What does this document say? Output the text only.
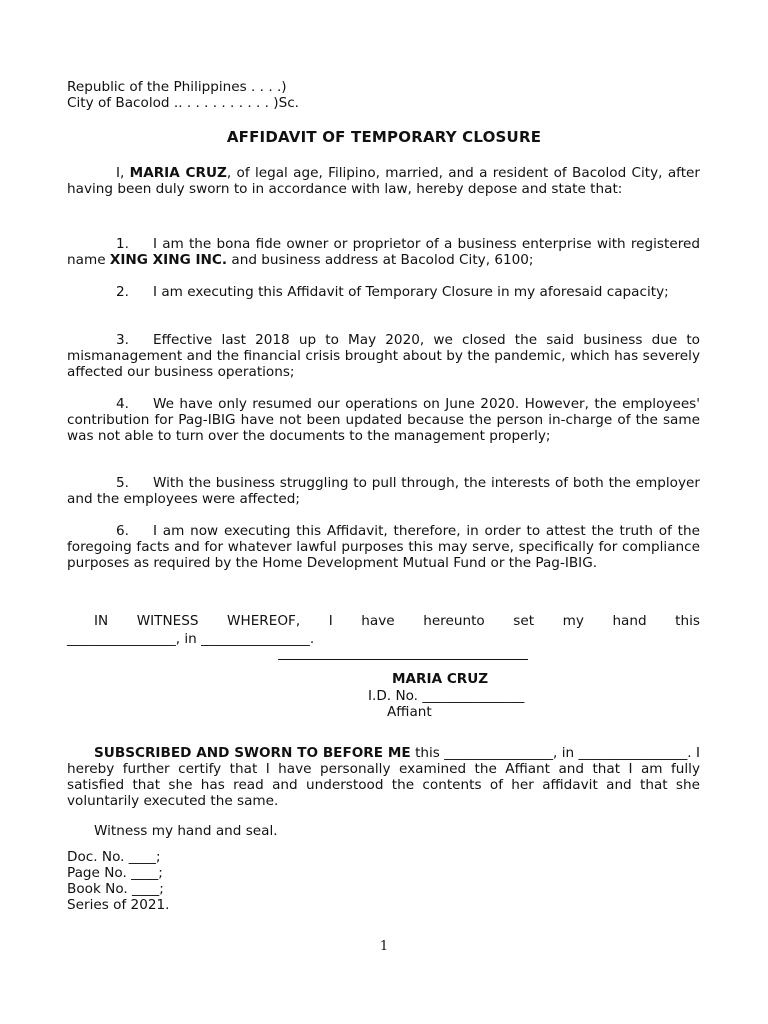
Republic of the Philippines . . . .)
City of Bacolod .. . . . . . . . . . . )Sc.
AFFIDAVIT OF TEMPORARY CLOSURE
I, MARIA CRUZ, of legal age, Filipino, married, and a resident of Bacolod City, after having been duly sworn to in accordance with law, hereby depose and state that:
1. I am the bona fide owner or proprietor of a business enterprise with registered name XING XING INC. and business address at Bacolod City, 6100;
2. I am executing this Affidavit of Temporary Closure in my aforesaid capacity;
3. Effective last 2018 up to May 2020, we closed the said business due to mismanagement and the financial crisis brought about by the pandemic, which has severely affected our business operations;
4. We have only resumed our operations on June 2020. However, the employees' contribution for Pag-IBIG have not been updated because the person in-charge of the same was not able to turn over the documents to the management properly;
5. With the business struggling to pull through, the interests of both the employer and the employees were affected;
6. I am now executing this Affidavit, therefore, in order to attest the truth of the foregoing facts and for whatever lawful purposes this may serve, specifically for compliance purposes as required by the Home Development Mutual Fund or the Pag-IBIG.
IN WITNESS WHEREOF, I have hereunto set my hand this
________________, in ________________.
MARIA CRUZ
I.D. No. _______________
Affiant
SUBSCRIBED AND SWORN TO BEFORE ME this ________________, in ________________. I hereby further certify that I have personally examined the Affiant and that I am fully satisfied that she has read and understood the contents of her affidavit and that she voluntarily executed the same.
Witness my hand and seal.
Doc. No. ____;
Page No. ____;
Book No. ____;
Series of 2021.
1
